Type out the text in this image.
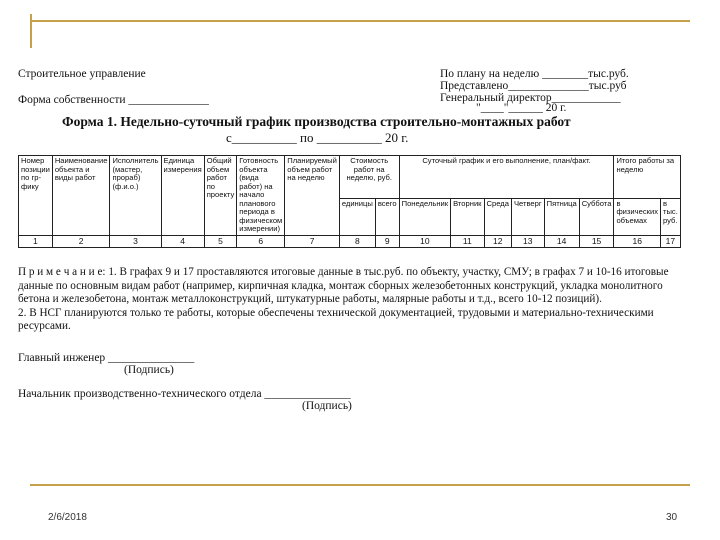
Строительное управление
Форма собственности ______________
По плану на неделю ________тыс.руб.
Представлено______________тыс.руб
Генеральный директор____________
"____"______ 20 г.
Форма 1. Недельно-суточный график производства строительно-монтажных работ
с__________ по __________ 20 г.
Номер позиции по гр-фику	Наименование объекта и виды работ	Исполнитель (мастер, прораб) (ф.и.о.)	Единица измерения	Общий объем работ по проекту	Готовность объекта (вида работ) на начало планового периода в физическом измерении)	Планируемый объем работ на неделю	Стоимость работ на неделю, руб.		Суточный график и его выполнение, план/факт.						Итого работы за неделю	
							единицы	всего	Понедельник	Вторник	Среда	Четверг	Пятница	Суббота	в физических объемах	в тыс. руб.
1	2	3	4	5	6	7	8	9	10	11	12	13	14	15	16	17
П р и м е ч а н и е: 1. В графах 9 и 17 проставляются итоговые данные в тыс.руб. по объекту, участку, СМУ; в графах 7 и 10-16 итоговые данные по основным видам работ (например, кирпичная кладка, монтаж сборных железобетонных конструкций, укладка монолитного бетона и железобетона, монтаж металлоконструкций, штукатурные работы, малярные работы и т.д., всего 10-12 позиций).
2. В НСГ планируются только те работы, которые обеспечены технической документацией, трудовыми и материально-техническими ресурсами.
Главный инженер _______________
(Подпись)
Начальник производственно-технического отдела _______________
(Подпись)
2/6/2018	30
